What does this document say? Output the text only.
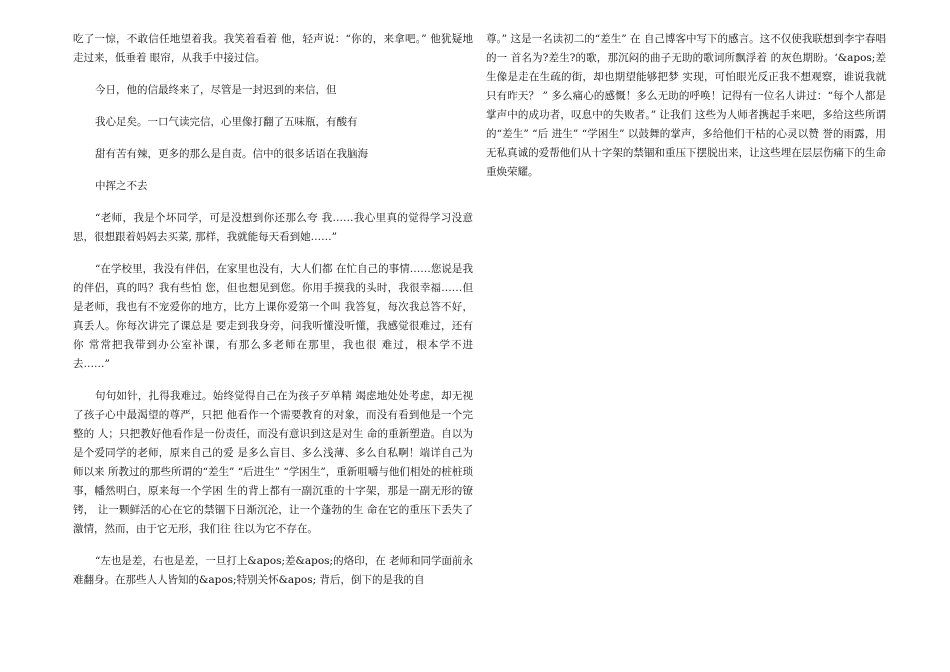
吃了一惊，不敢信任地望着我。我笑着看着 他，轻声说：“你的，来拿吧。” 他犹疑地走过来，低垂着 眼帘，从我手中接过信。

今日，他的信最终来了，尽管是一封迟到的来信，但

我心足矣。一口气读完信，心里像打翻了五味瓶，有酸有

甜有苦有辣，更多的那么是自责。信中的很多话语在我脑海

中挥之不去

“老师，我是个坏同学，可是没想到你还那么夸 我……我心里真的觉得学习没意思，很想跟着妈妈去买菜, 那样，我就能每天看到她……”

“在学校里，我没有伴侣，在家里也没有，大人们都 在忙自己的事情……您说是我的伴侣，真的吗？我有些怕 您，但也想见到您。你用手摸我的头时，我很幸福……但 是老师，我也有不宠爱你的地方，比方上课你爱第一个叫 我答复，每次我总答不好，真丢人。你每次讲完了课总是 要走到我身旁，问我听懂没听懂，我感觉很难过，还有你 常常把我带到办公室补课，有那么多老师在那里，我也很 难过，根本学不进去……”

句句如针，扎得我难过。始终觉得自己在为孩子歹单精 竭虑地处处考虑，却无视了孩子心中最渴望的尊严，只把 他看作一个需要教育的对象，而没有看到他是一个完整的 人；只把教好他看作是一份责任，而没有意识到这是对生 命的重新塑造。自以为是个爱同学的老师，原来自己的爱 是多么盲目、多么浅薄、多么自私啊！端详自己为师以来 所教过的那些所谓的“差生” “后进生” “学困生”，重新咀嚼与他们相处的桩桩琐事，幡然明白，原来每一个学困 生的背上都有一副沉重的十字架，那是一副无形的镣铐， 让一颗鲜活的心在它的禁锢下日渐沉沦，让一个蓬勃的生 命在它的重压下丢失了激情，然而，由于它无形，我们往 往以为它不存在。

“左也是差，右也是差，一旦打上&apos;差&apos;的烙印，在 老师和同学面前永难翻身。在那些人人皆知的&apos;特别关怀&apos; 背后，倒下的是我的自

尊。” 这是一名读初二的“差生” 在 自己博客中写下的感言。这不仅使我联想到李宇春唱的一 首名为?差生?的歌，那沉闷的曲子无助的歌词所飘浮着 的灰色期盼。‘&apos;差生像是走在生疏的街，却也期望能够把梦 实现，可怕眼光反正我不想观察，谁说我就只有昨天？ ” 多么痛心的感慨！多么无助的呼唤！记得有一位名人讲过：“每个人都是掌声中的成功者，叹息中的失败者。” 让我们 这些为人师者携起手来吧，多给这些所谓的“差生” “后 进生” “学困生” 以鼓舞的掌声，多给他们干枯的心灵以赞 誉的雨露，用无私真诚的爱帮他们从十字架的禁锢和重压下摆脱出来，让这些埋在层层伤痛下的生命重焕荣耀。
